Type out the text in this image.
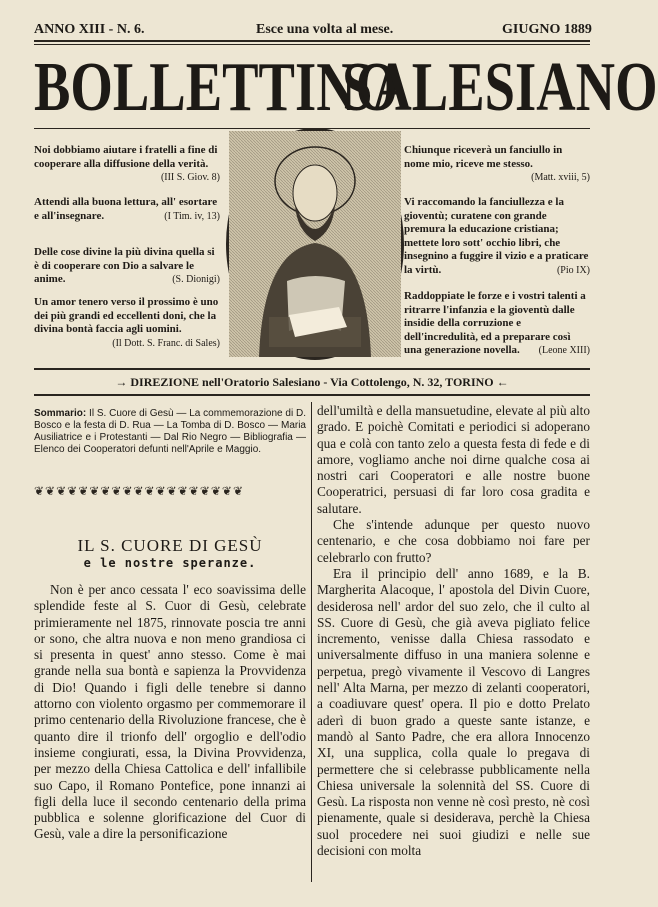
ANNO XIII - N. 6.	Esce una volta al mese.	GIUGNO 1889
BOLLETTINO
SALESIANO
Noi dobbiamo aiutare i fratelli a fine di cooperare alla diffusione della verità.
(III S. Giov. 8)
Attendi alla buona lettura, all' esortare e all'insegnare.	(I Tim. iv, 13)
Delle cose divine la più divina quella si è di cooperare con Dio a salvare le anime.	(S. Dionigi)
Un amor tenero verso il prossimo è uno dei più grandi ed eccellenti doni, che la divina bontà faccia agli uomini.
(Il Dott. S. Franc. di Sales)
Chiunque riceverà un fanciullo in nome mio, riceve me stesso.
(Matt. xviii, 5)
Vi raccomando la fanciullezza e la gioventù; curatene con grande premura la educazione cristiana; mettete loro sott' occhio libri, che insegnino a fuggire il vizio e a praticare la virtù.	(Pio IX)
Raddoppiate le forze e i vostri talenti a ritrarre l'infanzia e la gioventù dalle insidie della corruzione e dell'incredulità, ed a preparare così una generazione novella. (Leone XIII)
→ DIREZIONE nell'Oratorio Salesiano - Via Cottolengo, N. 32, TORINO ←
Sommario: Il S. Cuore di Gesù — La commemorazione di D. Bosco e la festa di D. Rua — La Tomba di D. Bosco — Maria Ausiliatrice e i Protestanti — Dal Rio Negro — Bibliografia — Elenco dei Cooperatori defunti nell'Aprile e Maggio.
❦❦❦❦❦❦❦❦❦❦❦❦❦❦❦❦❦❦❦
IL S. CUORE DI GESÙ
e le nostre speranze.

Non è per anco cessata l' eco soavissima delle splendide feste al S. Cuor di Gesù, celebrate primieramente nel 1875, rinnovate poscia tre anni or sono, che altra nuova e non meno grandiosa ci si presenta in quest' anno stesso. Come è mai grande nella sua bontà e sapienza la Provvidenza di Dio! Quando i figli delle tenebre si danno attorno con violento orgasmo per commemorare il primo centenario della Rivoluzione francese, che è quanto dire il trionfo dell' orgoglio e dell'odio insieme congiurati, essa, la Divina Provvidenza, per mezzo della Chiesa Cattolica e dell' infallibile suo Capo, il Romano Pontefice, pone innanzi ai figli della luce il secondo centenario della prima pubblica e solenne glorificazione del Cuor di Gesù, vale a dire la personificazione

dell'umiltà e della mansuetudine, elevate al più alto grado. E poichè Comitati e periodici si adoperano qua e colà con tanto zelo a questa festa di fede e di amore, vogliamo anche noi dirne qualche cosa ai nostri cari Cooperatori e alle nostre buone Cooperatrici, persuasi di far loro cosa gradita e salutare.

Che s'intende adunque per questo nuovo centenario, e che cosa dobbiamo noi fare per celebrarlo con frutto?

Era il principio dell' anno 1689, e la B. Margherita Alacoque, l' apostola del Divin Cuore, desiderosa nell' ardor del suo zelo, che il culto al SS. Cuore di Gesù, che già aveva pigliato felice incremento, venisse dalla Chiesa rassodato e universalmente diffuso in una maniera solenne e perpetua, pregò vivamente il Vescovo di Langres nell' Alta Marna, per mezzo di zelanti cooperatori, a coadiuvare quest' opera. Il pio e dotto Prelato aderì di buon grado a queste sante istanze, e mandò al Santo Padre, che era allora Innocenzo XI, una supplica, colla quale lo pregava di permettere che si celebrasse pubblicamente nella Chiesa universale la solennità del SS. Cuore di Gesù. La risposta non venne nè così presto, nè così pienamente, quale si desiderava, perchè la Chiesa suol procedere nei suoi giudizi e nelle sue decisioni con molta
